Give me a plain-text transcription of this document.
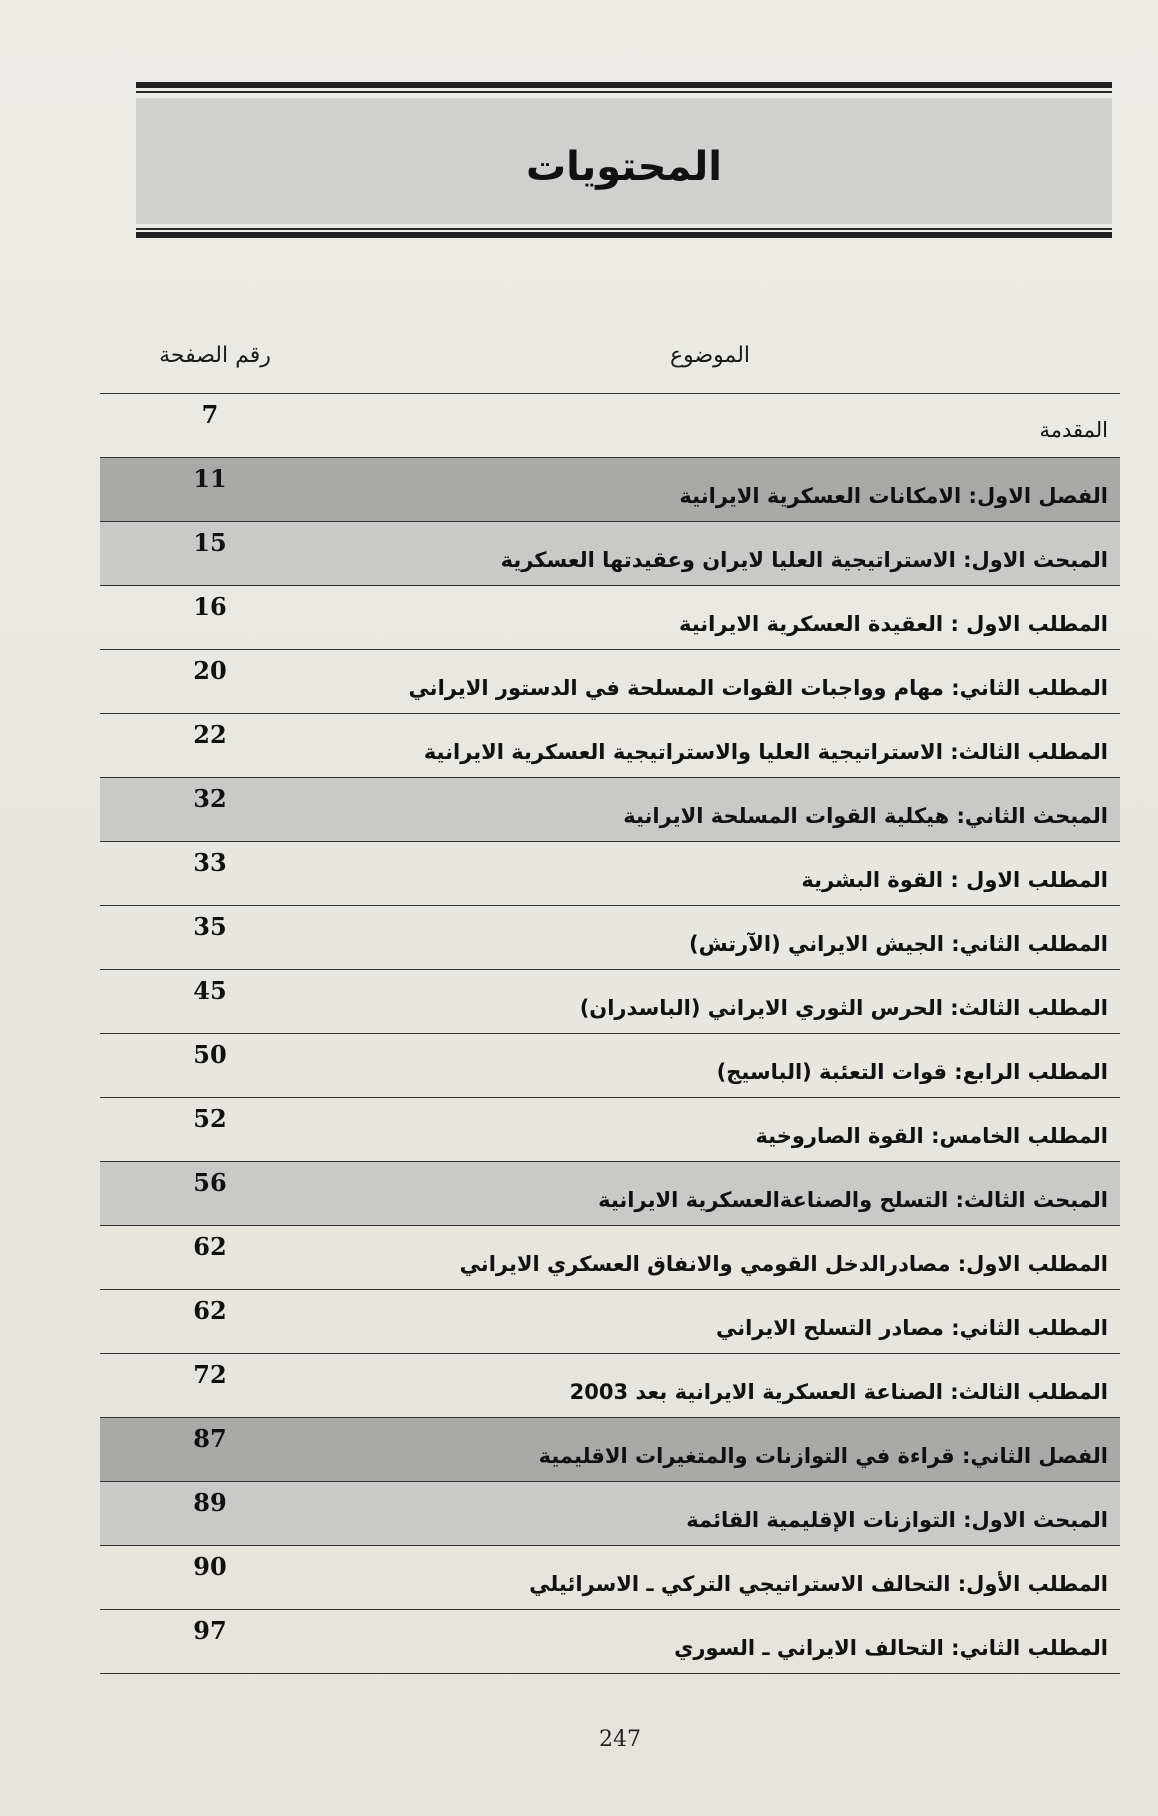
المحتويات
الموضوع
رقم الصفحة
المقدمة
7
الفصل الاول: الامكانات العسكرية الايرانية
11
المبحث الاول: الاستراتيجية العليا لايران وعقيدتها العسكرية
15
المطلب الاول : العقيدة العسكرية الايرانية
16
المطلب الثاني: مهام وواجبات القوات المسلحة في الدستور الايراني
20
المطلب الثالث: الاستراتيجية العليا والاستراتيجية العسكرية الايرانية
22
المبحث الثاني: هيكلية القوات المسلحة الايرانية
32
المطلب الاول : القوة البشرية
33
المطلب الثاني: الجيش الايراني (الآرتش)
35
المطلب الثالث: الحرس الثوري الايراني (الباسدران)
45
المطلب الرابع: قوات التعئبة (الباسيج)
50
المطلب الخامس: القوة الصاروخية
52
المبحث الثالث: التسلح والصناعةالعسكرية الايرانية
56
المطلب الاول: مصادرالدخل القومي والانفاق العسكري الايراني
62
المطلب الثاني: مصادر التسلح الايراني
62
المطلب الثالث: الصناعة العسكرية الايرانية بعد 2003
72
الفصل الثاني: قراءة في التوازنات والمتغيرات الاقليمية
87
المبحث الاول: التوازنات الإقليمية القائمة
89
المطلب الأول: التحالف الاستراتيجي التركي ـ الاسرائيلي
90
المطلب الثاني: التحالف الايراني ـ السوري
97
247
